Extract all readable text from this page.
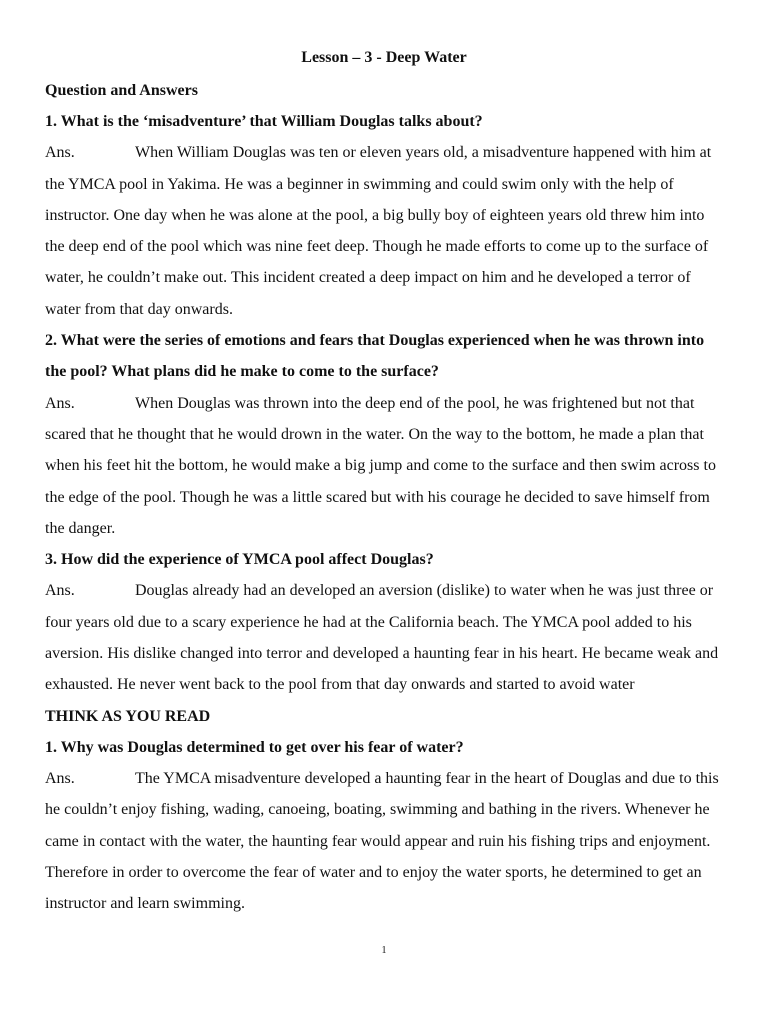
Lesson – 3 - Deep Water
Question and Answers
1. What is the ‘misadventure’ that William Douglas talks about?
Ans.	When William Douglas was ten or eleven years old, a misadventure happened with him at the YMCA pool in Yakima. He was a beginner in swimming and could swim only with the help of instructor. One day when he was alone at the pool, a big bully boy of eighteen years old threw him into the deep end of the pool which was nine feet deep. Though he made efforts to come up to the surface of water, he couldn’t make out. This incident created a deep impact on him and he developed a terror of water from that day onwards.
2. What were the series of emotions and fears that Douglas experienced when he was thrown into the pool? What plans did he make to come to the surface?
Ans.	When Douglas was thrown into the deep end of the pool, he was frightened but not that scared that he thought that he would drown in the water. On the way to the bottom, he made a plan that when his feet hit the bottom, he would make a big jump and come to the surface and then swim across to the edge of the pool. Though he was a little scared but with his courage he decided to save himself from the danger.
3. How did the experience of YMCA pool affect Douglas?
Ans.	Douglas already had an developed an aversion (dislike) to water when he was just three or four years old due to a scary experience he had at the California beach. The YMCA pool added to his aversion. His dislike changed into terror and developed a haunting fear in his heart. He became weak and exhausted. He never went back to the pool from that day onwards and started to avoid water
THINK AS YOU READ
1. Why was Douglas determined to get over his fear of water?
Ans.	The YMCA misadventure developed a haunting fear in the heart of Douglas and due to this he couldn’t enjoy fishing, wading, canoeing, boating, swimming and bathing in the rivers. Whenever he came in contact with the water, the haunting fear would appear and ruin his fishing trips and enjoyment. Therefore in order to overcome the fear of water and to enjoy the water sports, he determined to get an instructor and learn swimming.
1
